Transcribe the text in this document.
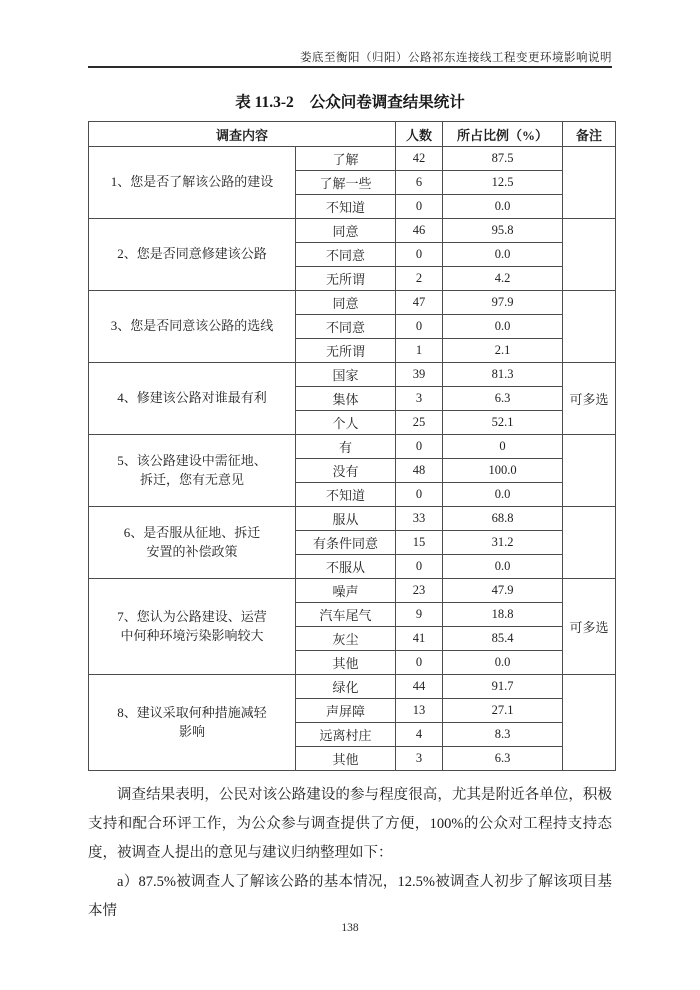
娄底至衡阳（归阳）公路祁东连接线工程变更环境影响说明
表 11.3-2 公众问卷调查结果统计
调查内容		人数	所占比例（%）	备注
1、您是否了解该公路的建设	了解	42	87.5	
	了解一些	6	12.5	
	不知道	0	0.0	
2、您是否同意修建该公路	同意	46	95.8	
	不同意	0	0.0	
	无所谓	2	4.2	
3、您是否同意该公路的选线	同意	47	97.9	
	不同意	0	0.0	
	无所谓	1	2.1	
4、修建该公路对谁最有利	国家	39	81.3	可多选
	集体	3	6.3	
	个人	25	52.1	
5、该公路建设中需征地、
拆迁，您有无意见	有	0	0	
	没有	48	100.0	
	不知道	0	0.0	
6、是否服从征地、拆迁
安置的补偿政策	服从	33	68.8	
	有条件同意	15	31.2	
	不服从	0	0.0	
7、您认为公路建设、运营
中何种环境污染影响较大	噪声	23	47.9	可多选
	汽车尾气	9	18.8	
	灰尘	41	85.4	
	其他	0	0.0	
8、建议采取何种措施减轻
影响	绿化	44	91.7	
	声屏障	13	27.1	
	远离村庄	4	8.3	
	其他	3	6.3	

调查结果表明，公民对该公路建设的参与程度很高，尤其是附近各单位，积极支持和配合环评工作，为公众参与调查提供了方便，100%的公众对工程持支持态度，被调查人提出的意见与建议归纳整理如下：

a）87.5%被调查人了解该公路的基本情况，12.5%被调查人初步了解该项目基本情

138
